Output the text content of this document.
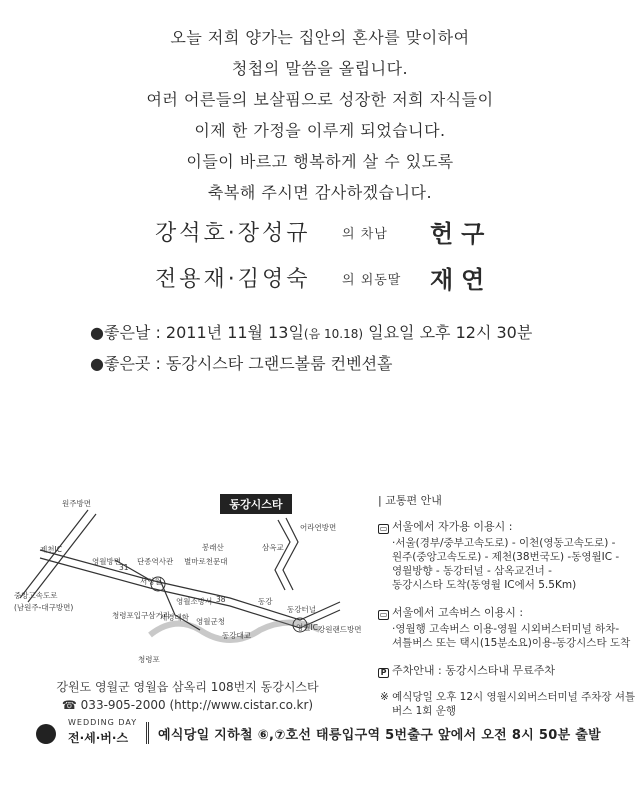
오늘 저희 양가는 집안의 혼사를 맞이하여
청첩의 말씀을 올립니다.
여러 어른들의 보살핌으로 성장한 저희 자식들이
이제 한 가정을 이루게 되었습니다.
이들이 바르고 행복하게 살 수 있도록
축복해 주시면 감사하겠습니다.
강석호·장성규 의 차남 헌구
전용재·김영숙 의 외동딸 재연
●좋은날 : 2011년 11월 13일(음 10.18) 일요일 오후 12시 30분
●좋은곳 : 동강시스타 그랜드볼룸 컨벤션홀
동강시스타
제천IC
중앙고속도로
(남원주-대구방면)
원주방면
영월방면
31
38
단종역사관
서영월
봉래산
별마로천문대
동강대교
영월소방서
청령포입구삼거리
세경대학 영월군청
동강
동강터널
영월IC 강원랜드방면
청령포
삼옥교
어라연방면
강원도 영월군 영월읍 삼옥리 108번지 동강시스타
☎ 033-905-2000 (http://www.cistar.co.kr)
| 교통편 안내
▭ 서울에서 자가용 이용시 :
·서울(경부/중부고속도로) - 이천(영동고속도로) -
원주(중앙고속도로) - 제천(38번국도) -동영월IC -
영월방향 - 동강터널 - 삼옥교건너 -
동강시스타 도착(동영월 IC에서 5.5Km)
▭ 서울에서 고속버스 이용시 :
·영월행 고속버스 이용-영월 시외버스터미널 하차-
셔틀버스 또는 택시(15분소요)이용-동강시스타 도착
P 주차안내 : 동강시스타내 무료주차
※ 예식당일 오후 12시 영월시외버스터미널 주차장 셔틀버스 1회 운행
WEDDING DAY
전·세·버·스 예식당일 지하철 ⑥,⑦호선 태릉입구역 5번출구 앞에서 오전 8시 50분 출발
